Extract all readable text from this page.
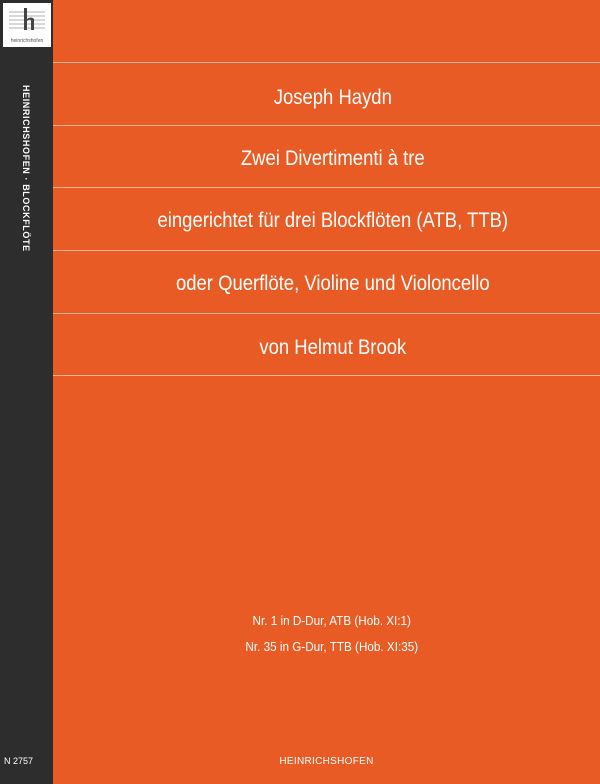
heinrichshofen
HEINRICHSHOFEN · BLOCKFLÖTE
N 2757
Joseph Haydn
Zwei Divertimenti à tre
eingerichtet für drei Blockflöten (ATB, TTB)
oder Querflöte, Violine und Violoncello
von Helmut Brook
Nr. 1 in D-Dur, ATB (Hob. XI:1)
Nr. 35 in G-Dur, TTB (Hob. XI:35)
HEINRICHSHOFEN
